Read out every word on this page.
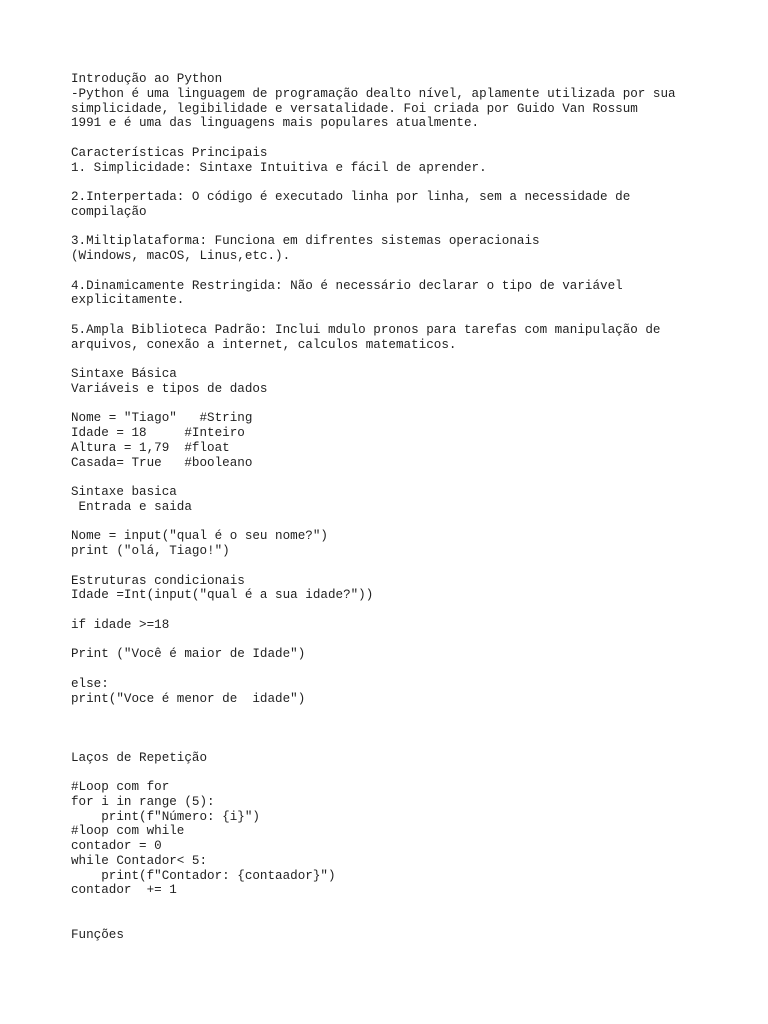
Introdução ao Python
-Python é uma linguagem de programação dealto nível, aplamente utilizada por sua
simplicidade, legibilidade e versatalidade. Foi criada por Guido Van Rossum
1991 e é uma das linguagens mais populares atualmente.
Características Principais
1. Simplicidade: Sintaxe Intuitiva e fácil de aprender.
2.Interpertada: O código é executado linha por linha, sem a necessidade de
compilação
3.Miltiplataforma: Funciona em difrentes sistemas operacionais
(Windows, macOS, Linus,etc.).
4.Dinamicamente Restringida: Não é necessário declarar o tipo de variável
explicitamente.
5.Ampla Biblioteca Padrão: Inclui mdulo pronos para tarefas com manipulação de
arquivos, conexão a internet, calculos matematicos.
Sintaxe Básica
Variáveis e tipos de dados
Nome = "Tiago"   #String
Idade = 18     #Inteiro
Altura = 1,79  #float
Casada= True   #booleano
Sintaxe basica
Entrada e saida
Nome = input("qual é o seu nome?")
print ("olá, Tiago!")
Estruturas condicionais
Idade =Int(input("qual é a sua idade?"))
if idade >=18
Print ("Você é maior de Idade")
else:
print("Voce é menor de  idade")
Laços de Repetição
#Loop com for
for i in range (5):
print(f"Número: {i}")
#loop com while
contador = 0
while Contador< 5:
print(f"Contador: {contaador}")
contador  += 1
Funções
